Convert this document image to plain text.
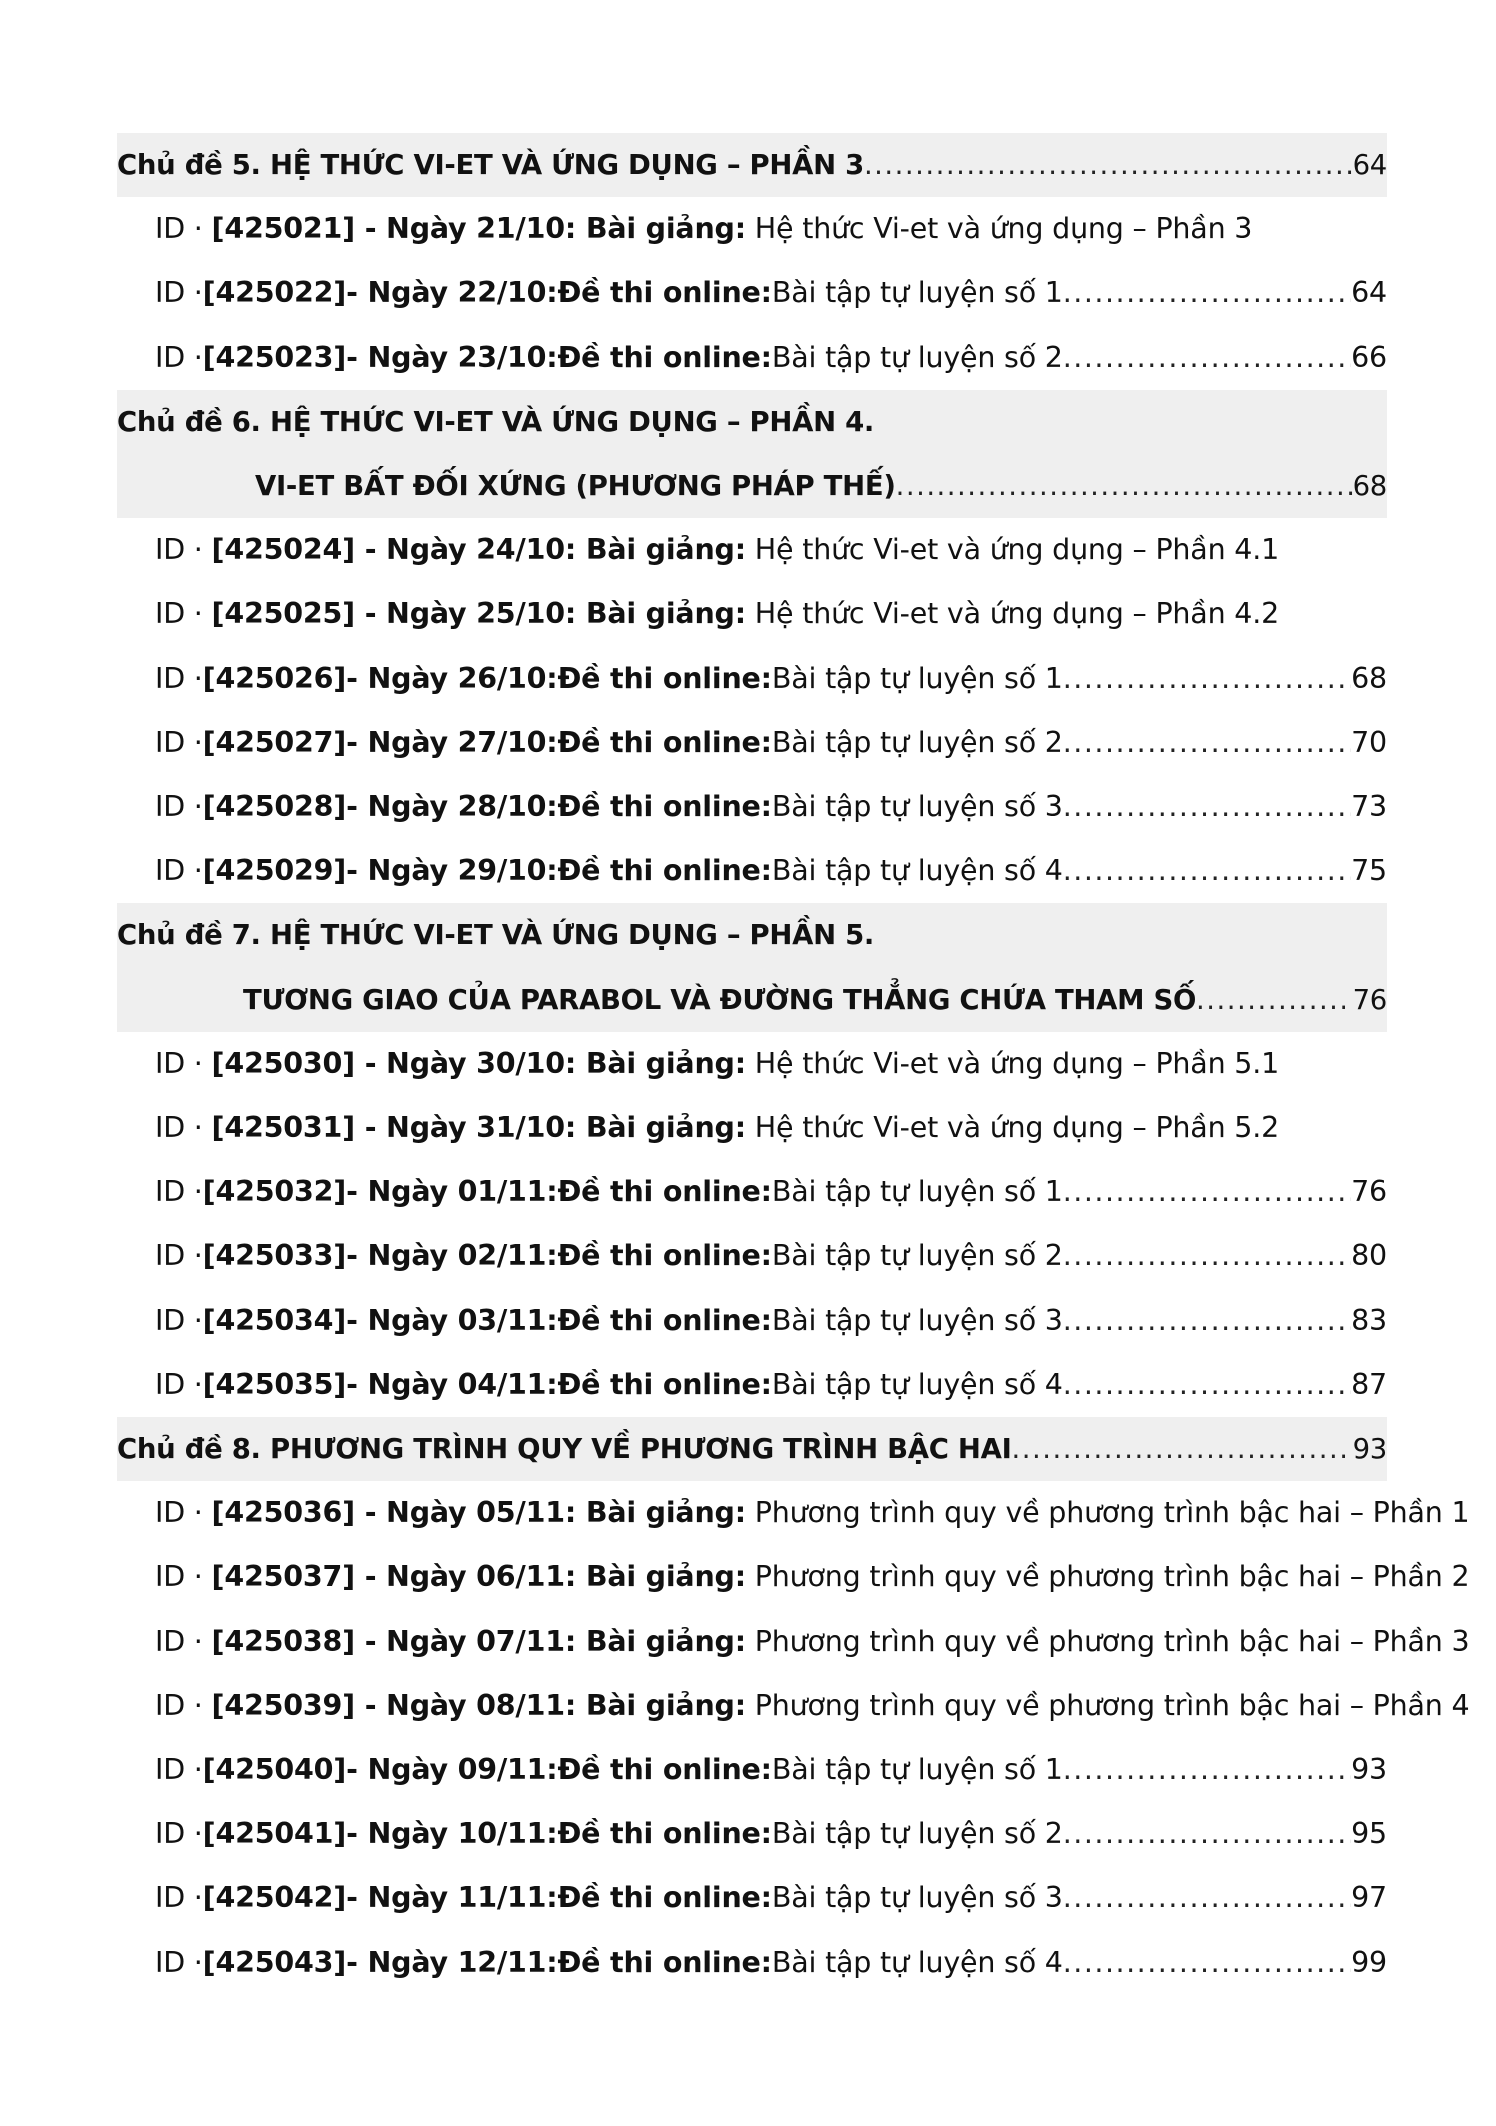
Chủ đề 5. HỆ THỨC VI-ET VÀ ỨNG DỤNG – PHẦN 3 .....	64
ID · [425021] - Ngày 21/10: Bài giảng: Hệ thức Vi-et và ứng dụng – Phần 3
ID · [425022] - Ngày 22/10: Đề thi online: Bài tập tự luyện số 1 .....	64
ID · [425023] - Ngày 23/10: Đề thi online: Bài tập tự luyện số 2 .....	66
Chủ đề 6. HỆ THỨC VI-ET VÀ ỨNG DỤNG – PHẦN 4.
VI-ET BẤT ĐỐI XỨNG (PHƯƠNG PHÁP THẾ) .....	68
ID · [425024] - Ngày 24/10: Bài giảng: Hệ thức Vi-et và ứng dụng – Phần 4.1
ID · [425025] - Ngày 25/10: Bài giảng: Hệ thức Vi-et và ứng dụng – Phần 4.2
ID · [425026] - Ngày 26/10: Đề thi online: Bài tập tự luyện số 1 .....	68
ID · [425027] - Ngày 27/10: Đề thi online: Bài tập tự luyện số 2 .....	70
ID · [425028] - Ngày 28/10: Đề thi online: Bài tập tự luyện số 3 .....	73
ID · [425029] - Ngày 29/10: Đề thi online: Bài tập tự luyện số 4 .....	75
Chủ đề 7. HỆ THỨC VI-ET VÀ ỨNG DỤNG – PHẦN 5.
TƯƠNG GIAO CỦA PARABOL VÀ ĐƯỜNG THẲNG CHỨA THAM SỐ .....	76
ID · [425030] - Ngày 30/10: Bài giảng: Hệ thức Vi-et và ứng dụng – Phần 5.1
ID · [425031] - Ngày 31/10: Bài giảng: Hệ thức Vi-et và ứng dụng – Phần 5.2
ID · [425032] - Ngày 01/11: Đề thi online: Bài tập tự luyện số 1 .....	76
ID · [425033] - Ngày 02/11: Đề thi online: Bài tập tự luyện số 2 .....	80
ID · [425034] - Ngày 03/11: Đề thi online: Bài tập tự luyện số 3 .....	83
ID · [425035] - Ngày 04/11: Đề thi online: Bài tập tự luyện số 4 .....	87
Chủ đề 8. PHƯƠNG TRÌNH QUY VỀ PHƯƠNG TRÌNH BẬC HAI .....	93
ID · [425036] - Ngày 05/11: Bài giảng: Phương trình quy về phương trình bậc hai – Phần 1
ID · [425037] - Ngày 06/11: Bài giảng: Phương trình quy về phương trình bậc hai – Phần 2
ID · [425038] - Ngày 07/11: Bài giảng: Phương trình quy về phương trình bậc hai – Phần 3
ID · [425039] - Ngày 08/11: Bài giảng: Phương trình quy về phương trình bậc hai – Phần 4
ID · [425040] - Ngày 09/11: Đề thi online: Bài tập tự luyện số 1 .....	93
ID · [425041] - Ngày 10/11: Đề thi online: Bài tập tự luyện số 2 .....	95
ID · [425042] - Ngày 11/11: Đề thi online: Bài tập tự luyện số 3 .....	97
ID · [425043] - Ngày 12/11: Đề thi online: Bài tập tự luyện số 4 .....	99
